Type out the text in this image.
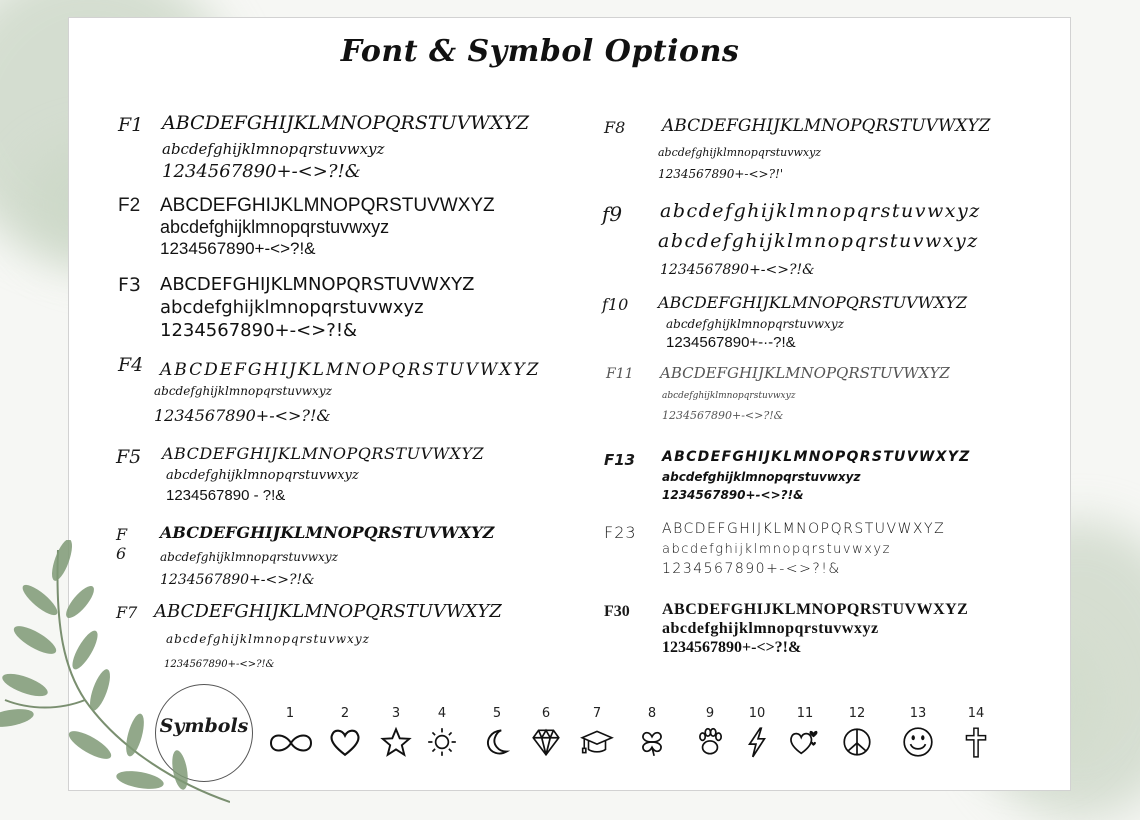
Font & Symbol Options
F1 ABCDEFGHIJKLMNOPQRSTUVWXYZ
abcdefghijklmnopqrstuvwxyz
1234567890+-<>?!&
F2 ABCDEFGHIJKLMNOPQRSTUVWXYZ
abcdefghijklmnopqrstuvwxyz
1234567890+-<>?!&
F3 ABCDEFGHIJKLMNOPQRSTUVWXYZ
abcdefghijklmnopqrstuvwxyz
1234567890+-<>?!&
F4 ABCDEFGHIJKLMNOPQRSTUVWXYZ
abcdefghijklmnopqrstuvwxyz
1234567890+-<>?!&
F5 ABCDEFGHIJKLMNOPQRSTUVWXYZ
abcdefghijklmnopqrstuvwxyz
1234567890 - ?!&
F 6
ABCDEFGHIJKLMNOPQRSTUVWXYZ
abcdefghijklmnopqrstuvwxyz
1234567890+-<>?!&
F7 ABCDEFGHIJKLMNOPQRSTUVWXYZ
abcdefghijklmnopqrstuvwxyz
1234567890+-<>?!&
F8 ABCDEFGHIJKLMNOPQRSTUVWXYZ
abcdefghijklmnopqrstuvwxyz
1234567890+-<>?!'
f9 abcdefghijklmnopqrstuvwxyz
abcdefghijklmnopqrstuvwxyz
1234567890+-<>?!&
f10 ABCDEFGHIJKLMNOPQRSTUVWXYZ
abcdefghijklmnopqrstuvwxyz
1234567890+-·-?!&
F11 ABCDEFGHIJKLMNOPQRSTUVWXYZ
abcdefghijklmnopqrstuvwxyz
1234567890+-<>?!&
F13 ABCDEFGHIJKLMNOPQRSTUVWXYZ
abcdefghijklmnopqrstuvwxyz
1234567890+-<>?!&
F23 ABCDEFGHIJKLMNOPQRSTUVWXYZ
abcdefghijklmnopqrstuvwxyz
1234567890+-<>?!&
F30 ABCDEFGHIJKLMNOPQRSTUVWXYZ
abcdefghijklmnopqrstuvwxyz
1234567890+-<>?!&
Symbols
1	2	3	4	5	6	7	8	9	10	11	12	13	14
